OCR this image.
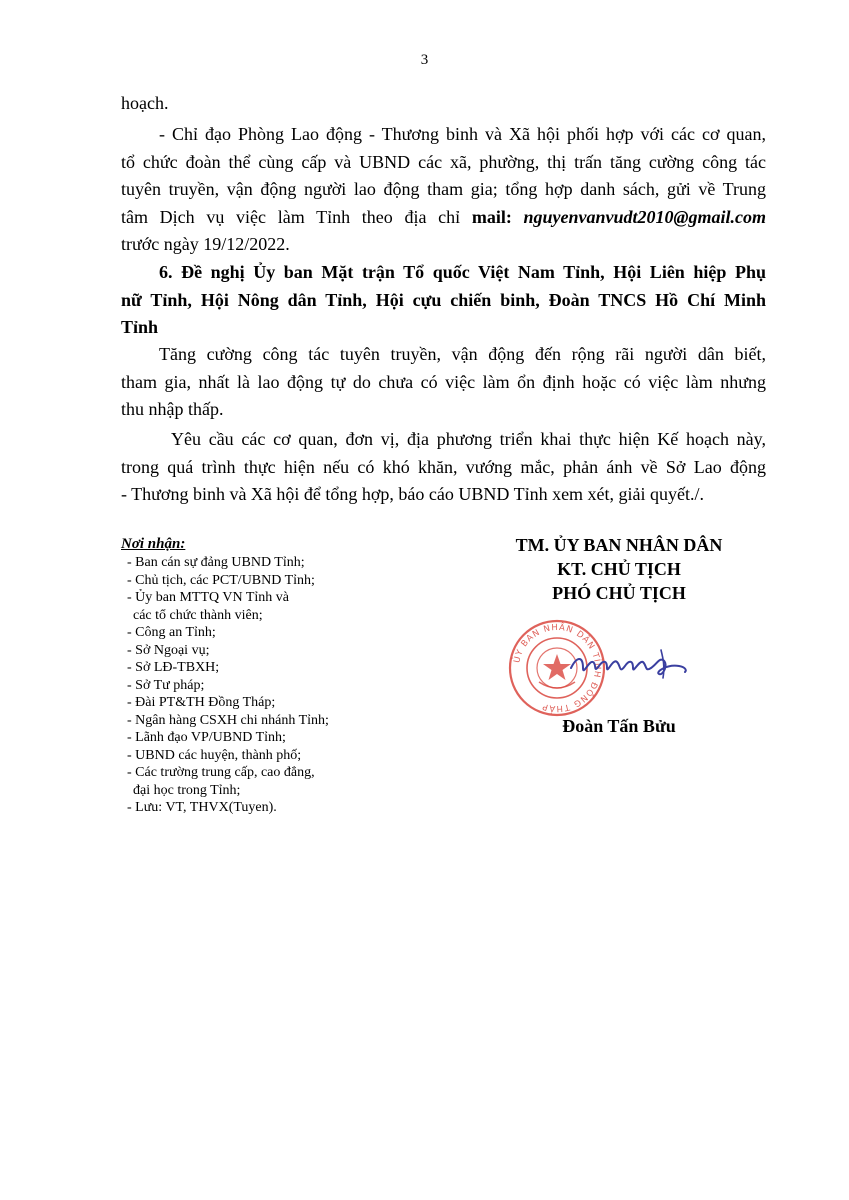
3
hoạch.
- Chỉ đạo Phòng Lao động - Thương binh và Xã hội phối hợp với các cơ quan,
tổ chức đoàn thể cùng cấp và UBND các xã, phường, thị trấn tăng cường công tác
tuyên truyền, vận động người lao động tham gia; tổng hợp danh sách, gửi về Trung
tâm Dịch vụ việc làm Tỉnh theo địa chỉ mail: nguyenvanvudt2010@gmail.com
trước ngày 19/12/2022.
6. Đề nghị Ủy ban Mặt trận Tổ quốc Việt Nam Tỉnh, Hội Liên hiệp Phụ
nữ Tỉnh, Hội Nông dân Tỉnh, Hội cựu chiến binh, Đoàn TNCS Hồ Chí Minh
Tỉnh
Tăng cường công tác tuyên truyền, vận động đến rộng rãi người dân biết,
tham gia, nhất là lao động tự do chưa có việc làm ổn định hoặc có việc làm nhưng
thu nhập thấp.
Yêu cầu các cơ quan, đơn vị, địa phương triển khai thực hiện Kế hoạch này,
trong quá trình thực hiện nếu có khó khăn, vướng mắc, phản ánh về Sở Lao động
- Thương binh và Xã hội để tổng hợp, báo cáo UBND Tỉnh xem xét, giải quyết./.
Nơi nhận:
- Ban cán sự đảng UBND Tỉnh;
- Chủ tịch, các PCT/UBND Tỉnh;
- Ủy ban MTTQ VN Tỉnh và
các tổ chức thành viên;
- Công an Tỉnh;
- Sở Ngoại vụ;
- Sở LĐ-TBXH;
- Sở Tư pháp;
- Đài PT&TH Đồng Tháp;
- Ngân hàng CSXH chi nhánh Tỉnh;
- Lãnh đạo VP/UBND Tỉnh;
- UBND các huyện, thành phố;
- Các trường trung cấp, cao đẳng,
đại học trong Tỉnh;
- Lưu: VT, THVX(Tuyen).
TM. ỦY BAN NHÂN DÂN
KT. CHỦ TỊCH
PHÓ CHỦ TỊCH
ỦY BAN NHÂN DÂN TỈNH ĐỒNG THÁP
Đoàn Tấn Bửu
